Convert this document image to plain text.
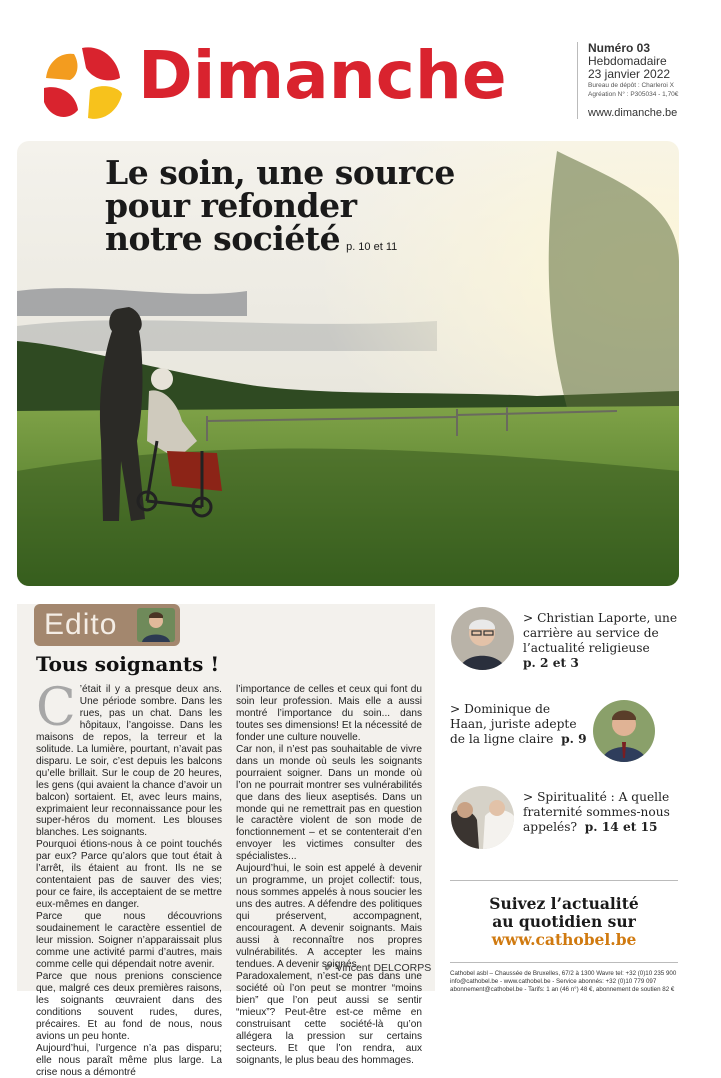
Dimanche	Numéro 03
Hebdomadaire
23 janvier 2022
Bureau de dépôt : Charleroi X
Agréation N° : P305034 - 1,70€
www.dimanche.be
Le soin, une source
pour refonder
notre société p. 10 et 11
Edito
Tous soignants !
C ’était il y a presque deux ans. Une période sombre. Dans les rues, pas un chat. Dans les hôpitaux, l’angoisse. Dans les maisons de repos, la terreur et la solitude. La lumière, pourtant, n’avait pas disparu. Le soir, c’est depuis les balcons qu’elle brillait. Sur le coup de 20 heures, les gens (qui avaient la chance d’avoir un balcon) sortaient. Et, avec leurs mains, exprimaient leur reconnaissance pour les super-héros du moment. Les blouses blanches. Les soignants.

Pourquoi étions-nous à ce point touchés par eux? Parce qu’alors que tout était à l’arrêt, ils étaient au front. Ils ne se contentaient pas de sauver des vies; pour ce faire, ils acceptaient de se mettre eux-mêmes en danger.

Parce que nous découvrions soudainement le caractère essentiel de leur mission. Soigner n’apparaissait plus comme une activité parmi d’autres, mais comme celle qui dépendait notre avenir.

Parce que nous prenions conscience que, malgré ces deux premières raisons, les soignants œuvraient dans des conditions souvent rudes, dures, précaires. Et au fond de nous, nous avions un peu honte.

Aujourd’hui, l’urgence n’a pas disparu; elle nous paraît même plus large. La crise nous a démontré

l’importance de celles et ceux qui font du soin leur profession. Mais elle a aussi montré l’importance du soin... dans toutes ses dimensions! Et la nécessité de fonder une culture nouvelle.

Car non, il n’est pas souhaitable de vivre dans un monde où seuls les soignants pourraient soigner. Dans un monde où l’on ne pourrait montrer ses vulnérabilités que dans des lieux aseptisés. Dans un monde qui ne remettrait pas en question le caractère violent de son mode de fonctionnement – et se contenterait d’en envoyer les victimes consulter des spécialistes...

Aujourd’hui, le soin est appelé à devenir un programme, un projet collectif: tous, nous sommes appelés à nous soucier les uns des autres. A défendre des politiques qui préservent, accompagnent, encouragent. A devenir soignants. Mais aussi à reconnaître nos propres vulnérabilités. A accepter les mains tendues. A devenir soignés.

Paradoxalement, n’est-ce pas dans une société où l’on peut se montrer “moins bien” que l’on peut aussi se sentir “mieux”? Peut-être est-ce même en construisant cette société-là qu’on allégera la pression sur certains secteurs. Et que l’on rendra, aux soignants, le plus beau des hommages.

✐ Vincent DELCORPS
> Christian Laporte, une carrière au service de l’actualité religieuse
p. 2 et 3
> Dominique de Haan, juriste adepte de la ligne claire p. 9
> Spiritualité : A quelle fraternité sommes-nous appelés? p. 14 et 15
Suivez l’actualité
au quotidien sur
www.cathobel.be
Cathobel asbl – Chaussée de Bruxelles, 67/2 à 1300 Wavre tel: +32 (0)10 235 900
info@cathobel.be - www.cathobel.be - Service abonnés: +32 (0)10 779 097
abonnement@cathobel.be - Tarifs: 1 an (46 n°) 48 €, abonnement de soutien 82 €
